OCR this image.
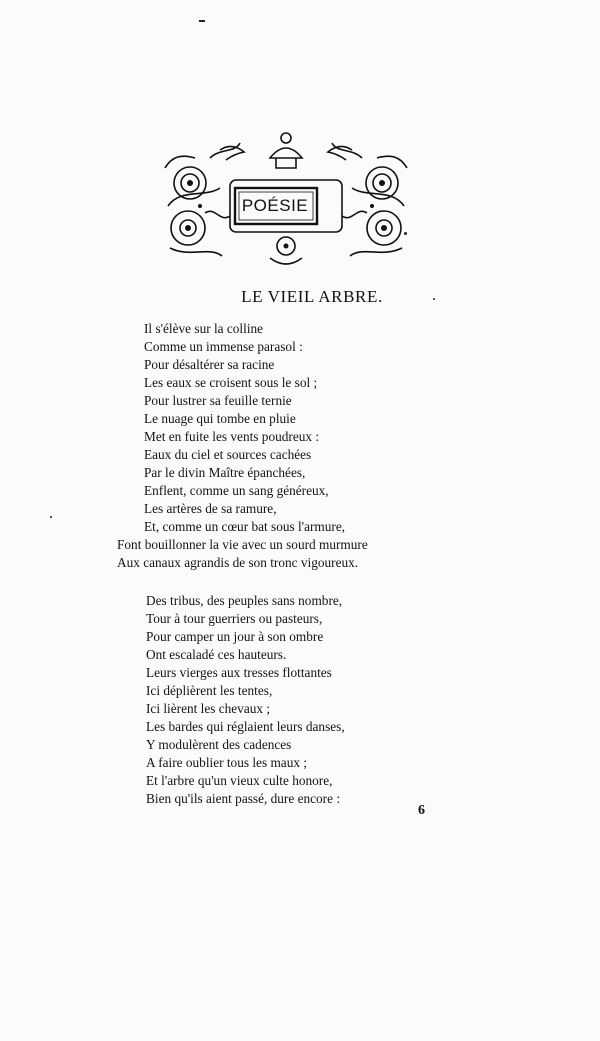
POÉSIE
LE VIEIL ARBRE.
Il s'élève sur la colline
Comme un immense parasol :
Pour désaltérer sa racine
Les eaux se croisent sous le sol ;
Pour lustrer sa feuille ternie
Le nuage qui tombe en pluie
Met en fuite les vents poudreux :
Eaux du ciel et sources cachées
Par le divin Maître épanchées,
Enflent, comme un sang généreux,
Les artères de sa ramure,
Et, comme un cœur bat sous l'armure,
Font bouillonner la vie avec un sourd murmure
Aux canaux agrandis de son tronc vigoureux.
Des tribus, des peuples sans nombre,
Tour à tour guerriers ou pasteurs,
Pour camper un jour à son ombre
Ont escaladé ces hauteurs.
Leurs vierges aux tresses flottantes
Ici déplièrent les tentes,
Ici lièrent les chevaux ;
Les bardes qui réglaient leurs danses,
Y modulèrent des cadences
A faire oublier tous les maux ;
Et l'arbre qu'un vieux culte honore,
Bien qu'ils aient passé, dure encore :
6
